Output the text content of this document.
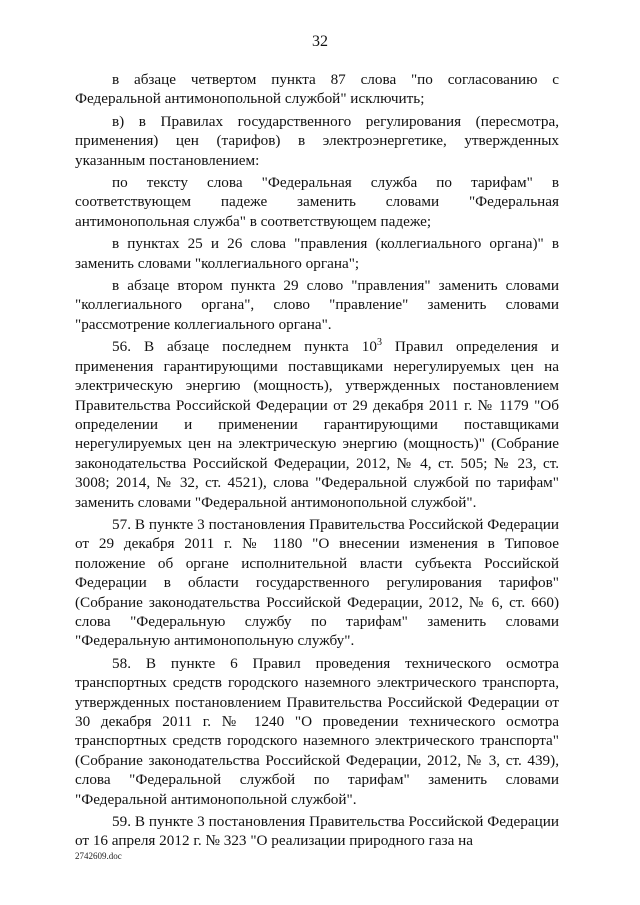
32

в абзаце четвертом пункта 87 слова "по согласованию с Федеральной антимонопольной службой" исключить;

в) в Правилах государственного регулирования (пересмотра, применения) цен (тарифов) в электроэнергетике, утвержденных указанным постановлением:

по тексту слова "Федеральная служба по тарифам" в соответствующем падеже заменить словами "Федеральная антимонопольная служба" в соответствующем падеже;

в пунктах 25 и 26 слова "правления (коллегиального органа)" в заменить словами "коллегиального органа";

в абзаце втором пункта 29 слово "правления" заменить словами "коллегиального органа", слово "правление" заменить словами "рассмотрение коллегиального органа".

56. В абзаце последнем пункта $10^3$ Правил определения и применения гарантирующими поставщиками нерегулируемых цен на электрическую энергию (мощность), утвержденных постановлением Правительства Российской Федерации от 29 декабря 2011 г. № 1179 "Об определении и применении гарантирующими поставщиками нерегулируемых цен на электрическую энергию (мощность)" (Собрание законодательства Российской Федерации, 2012, № 4, ст. 505; № 23, ст. 3008; 2014, № 32, ст. 4521), слова "Федеральной службой по тарифам" заменить словами "Федеральной антимонопольной службой".

57. В пункте 3 постановления Правительства Российской Федерации от 29 декабря 2011 г. № 1180 "О внесении изменения в Типовое положение об органе исполнительной власти субъекта Российской Федерации в области государственного регулирования тарифов" (Собрание законодательства Российской Федерации, 2012, № 6, ст. 660) слова "Федеральную службу по тарифам" заменить словами "Федеральную антимонопольную службу".

58. В пункте 6 Правил проведения технического осмотра транспортных средств городского наземного электрического транспорта, утвержденных постановлением Правительства Российской Федерации от 30 декабря 2011 г. № 1240 "О проведении технического осмотра транспортных средств городского наземного электрического транспорта" (Собрание законодательства Российской Федерации, 2012, № 3, ст. 439), слова "Федеральной службой по тарифам" заменить словами "Федеральной антимонопольной службой".

59. В пункте 3 постановления Правительства Российской Федерации от 16 апреля 2012 г. № 323 "О реализации природного газа на

2742609.doc
